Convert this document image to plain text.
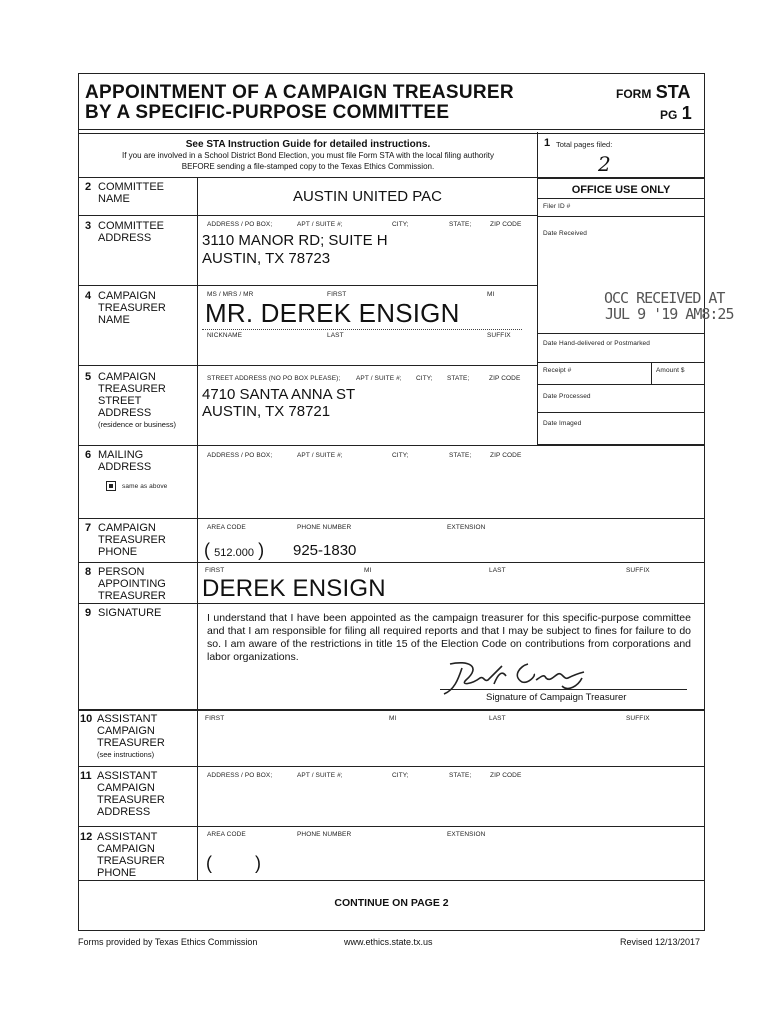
APPOINTMENT OF A CAMPAIGN TREASURER
BY A SPECIFIC-PURPOSE COMMITTEE
FORM STA
PG 1
See STA Instruction Guide for detailed instructions.
If you are involved in a School District Bond Election, you must file Form STA with the local filing authority
BEFORE sending a file-stamped copy to the Texas Ethics Commission.
1 Total pages filed:
2
OFFICE USE ONLY
Filer ID #
Date Received
OCC RECEIVED AT
JUL 9 '19 AM8:25
Date Hand-delivered or Postmarked
Receipt #	Amount $
Date Processed
Date Imaged
2 COMMITTEE
NAME	AUSTIN UNITED PAC
3 COMMITTEE
ADDRESS
ADDRESS / PO BOX;	APT / SUITE #;	CITY;	STATE;	ZIP CODE
3110 MANOR RD; SUITE H
AUSTIN, TX 78723
4 CAMPAIGN
TREASURER
NAME
MS / MRS / MR	FIRST	MI
MR. DEREK ENSIGN
NICKNAME	LAST	SUFFIX
5 CAMPAIGN
TREASURER
STREET
ADDRESS
(residence or business)
STREET ADDRESS (NO PO BOX PLEASE); APT / SUITE #; CITY; STATE;	ZIP CODE
4710 SANTA ANNA ST
AUSTIN, TX 78721
6 MAILING
ADDRESS
same as above
ADDRESS / PO BOX;	APT / SUITE #;	CITY;	STATE;	ZIP CODE
7 CAMPAIGN
TREASURER
PHONE
AREA CODE	PHONE NUMBER	EXTENSION
( 512.000 ) 925-1830
8 PERSON
APPOINTING
TREASURER
FIRST	MI	LAST	SUFFIX
DEREK ENSIGN
9 SIGNATURE	I understand that I have been appointed as the campaign treasurer for this specific-purpose committee and that I am responsible for filing all required reports and that I may be subject to fines for failure to do so. I am aware of the restrictions in title 15 of the Election Code on contributions from corporations and labor organizations.
Signature of Campaign Treasurer
10 ASSISTANT
CAMPAIGN
TREASURER
(see instructions)
FIRST	MI	LAST	SUFFIX
11 ASSISTANT
CAMPAIGN
TREASURER
ADDRESS
ADDRESS / PO BOX;	APT / SUITE #;	CITY;	STATE;	ZIP CODE
12 ASSISTANT
CAMPAIGN
TREASURER
PHONE
AREA CODE	PHONE NUMBER	EXTENSION
( )
CONTINUE ON PAGE 2
Forms provided by Texas Ethics Commission	www.ethics.state.tx.us	Revised 12/13/2017
